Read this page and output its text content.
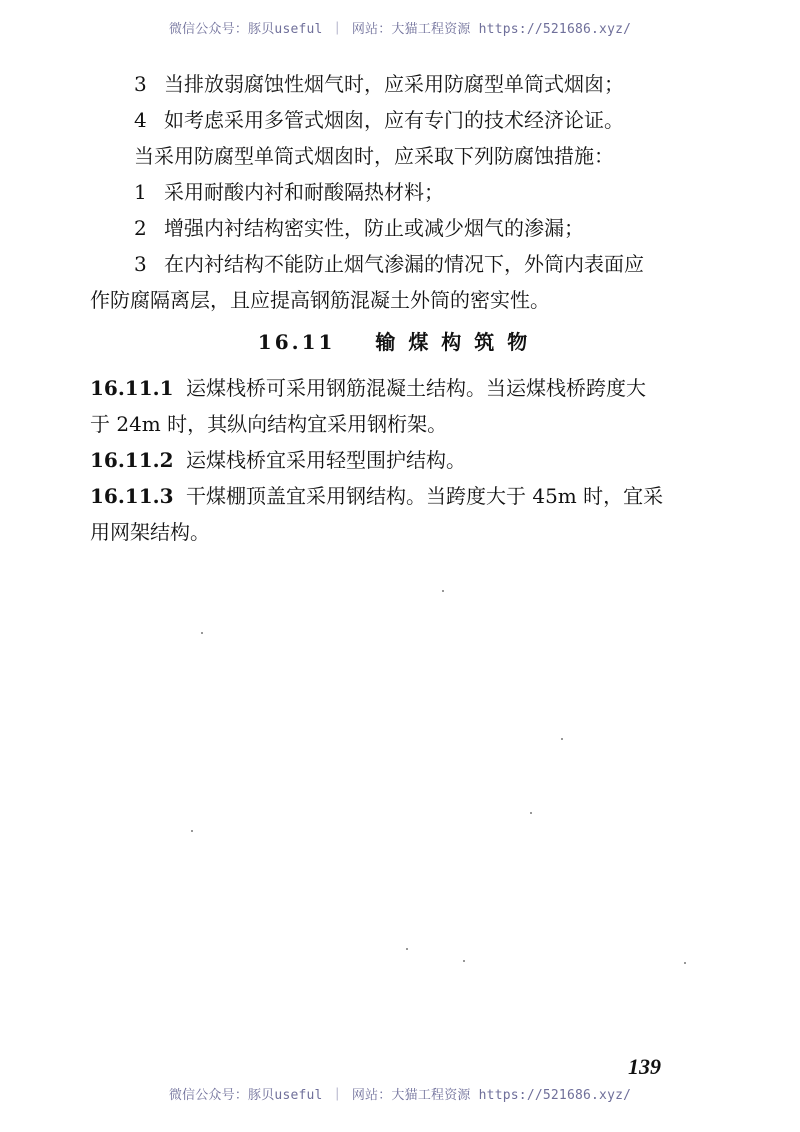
微信公众号：豚贝useful ｜ 网站：大猫工程资源 https://521686.xyz/
3 当排放弱腐蚀性烟气时，应采用防腐型单筒式烟囱；
4 如考虑采用多管式烟囱，应有专门的技术经济论证。
当采用防腐型单筒式烟囱时，应采取下列防腐蚀措施：
1 采用耐酸内衬和耐酸隔热材料；
2 增强内衬结构密实性，防止或减少烟气的渗漏；
3 在内衬结构不能防止烟气渗漏的情况下，外筒内表面应
作防腐隔离层，且应提高钢筋混凝土外筒的密实性。
16.11 输 煤 构 筑 物
16.11.1 运煤栈桥可采用钢筋混凝土结构。当运煤栈桥跨度大
于 24m 时，其纵向结构宜采用钢桁架。
16.11.2 运煤栈桥宜采用轻型围护结构。
16.11.3 干煤棚顶盖宜采用钢结构。当跨度大于 45m 时，宜采
用网架结构。
139
微信公众号：豚贝useful ｜ 网站：大猫工程资源 https://521686.xyz/
